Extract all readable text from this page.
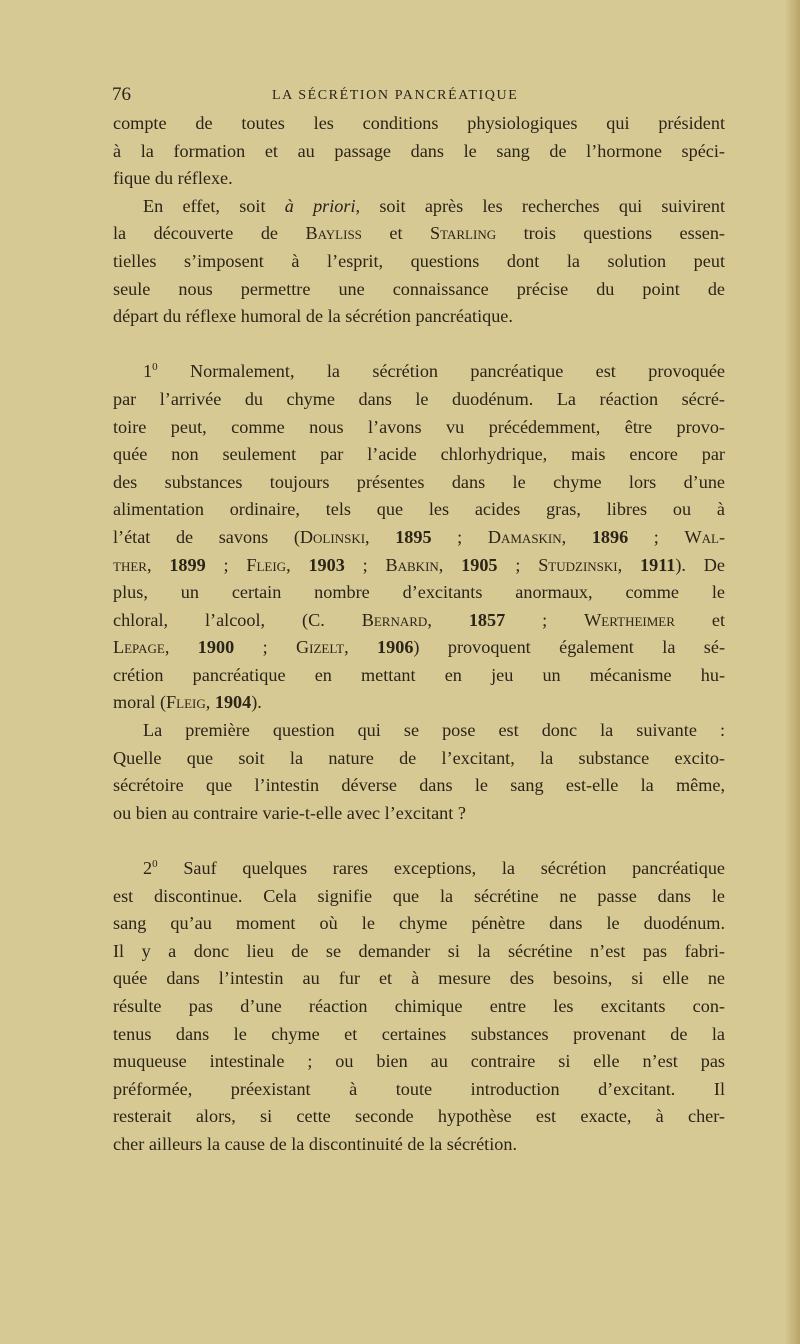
76	LA SÉCRÉTION PANCRÉATIQUE
compte de toutes les conditions physiologiques qui président
à la formation et au passage dans le sang de l’hormone spéci-
fique du réflexe.
En effet, soit à priori, soit après les recherches qui suivirent
la découverte de Bayliss et Starling trois questions essen-
tielles s’imposent à l’esprit, questions dont la solution peut
seule nous permettre une connaissance précise du point de
départ du réflexe humoral de la sécrétion pancréatique.
$1^0$ Normalement, la sécrétion pancréatique est provoquée
par l’arrivée du chyme dans le duodénum. La réaction sécré-
toire peut, comme nous l’avons vu précédemment, être provo-
quée non seulement par l’acide chlorhydrique, mais encore par
des substances toujours présentes dans le chyme lors d’une
alimentation ordinaire, tels que les acides gras, libres ou à
l’état de savons (Dolinski, 1895 ; Damaskin, 1896 ; Wal-
ther, 1899 ; Fleig, 1903 ; Babkin, 1905 ; Studzinski, 1911). De
plus, un certain nombre d’excitants anormaux, comme le
chloral, l’alcool, (C. Bernard, 1857 ; Wertheimer et
Lepage, 1900 ; Gizelt, 1906) provoquent également la sé-
crétion pancréatique en mettant en jeu un mécanisme hu-
moral (Fleig, 1904).
La première question qui se pose est donc la suivante :
Quelle que soit la nature de l’excitant, la substance excito-
sécrétoire que l’intestin déverse dans le sang est-elle la même,
ou bien au contraire varie-t-elle avec l’excitant ?
$2^0$ Sauf quelques rares exceptions, la sécrétion pancréatique
est discontinue. Cela signifie que la sécrétine ne passe dans le
sang qu’au moment où le chyme pénètre dans le duodénum.
Il y a donc lieu de se demander si la sécrétine n’est pas fabri-
quée dans l’intestin au fur et à mesure des besoins, si elle ne
résulte pas d’une réaction chimique entre les excitants con-
tenus dans le chyme et certaines substances provenant de la
muqueuse intestinale ; ou bien au contraire si elle n’est pas
préformée, préexistant à toute introduction d’excitant. Il
resterait alors, si cette seconde hypothèse est exacte, à cher-
cher ailleurs la cause de la discontinuité de la sécrétion.
